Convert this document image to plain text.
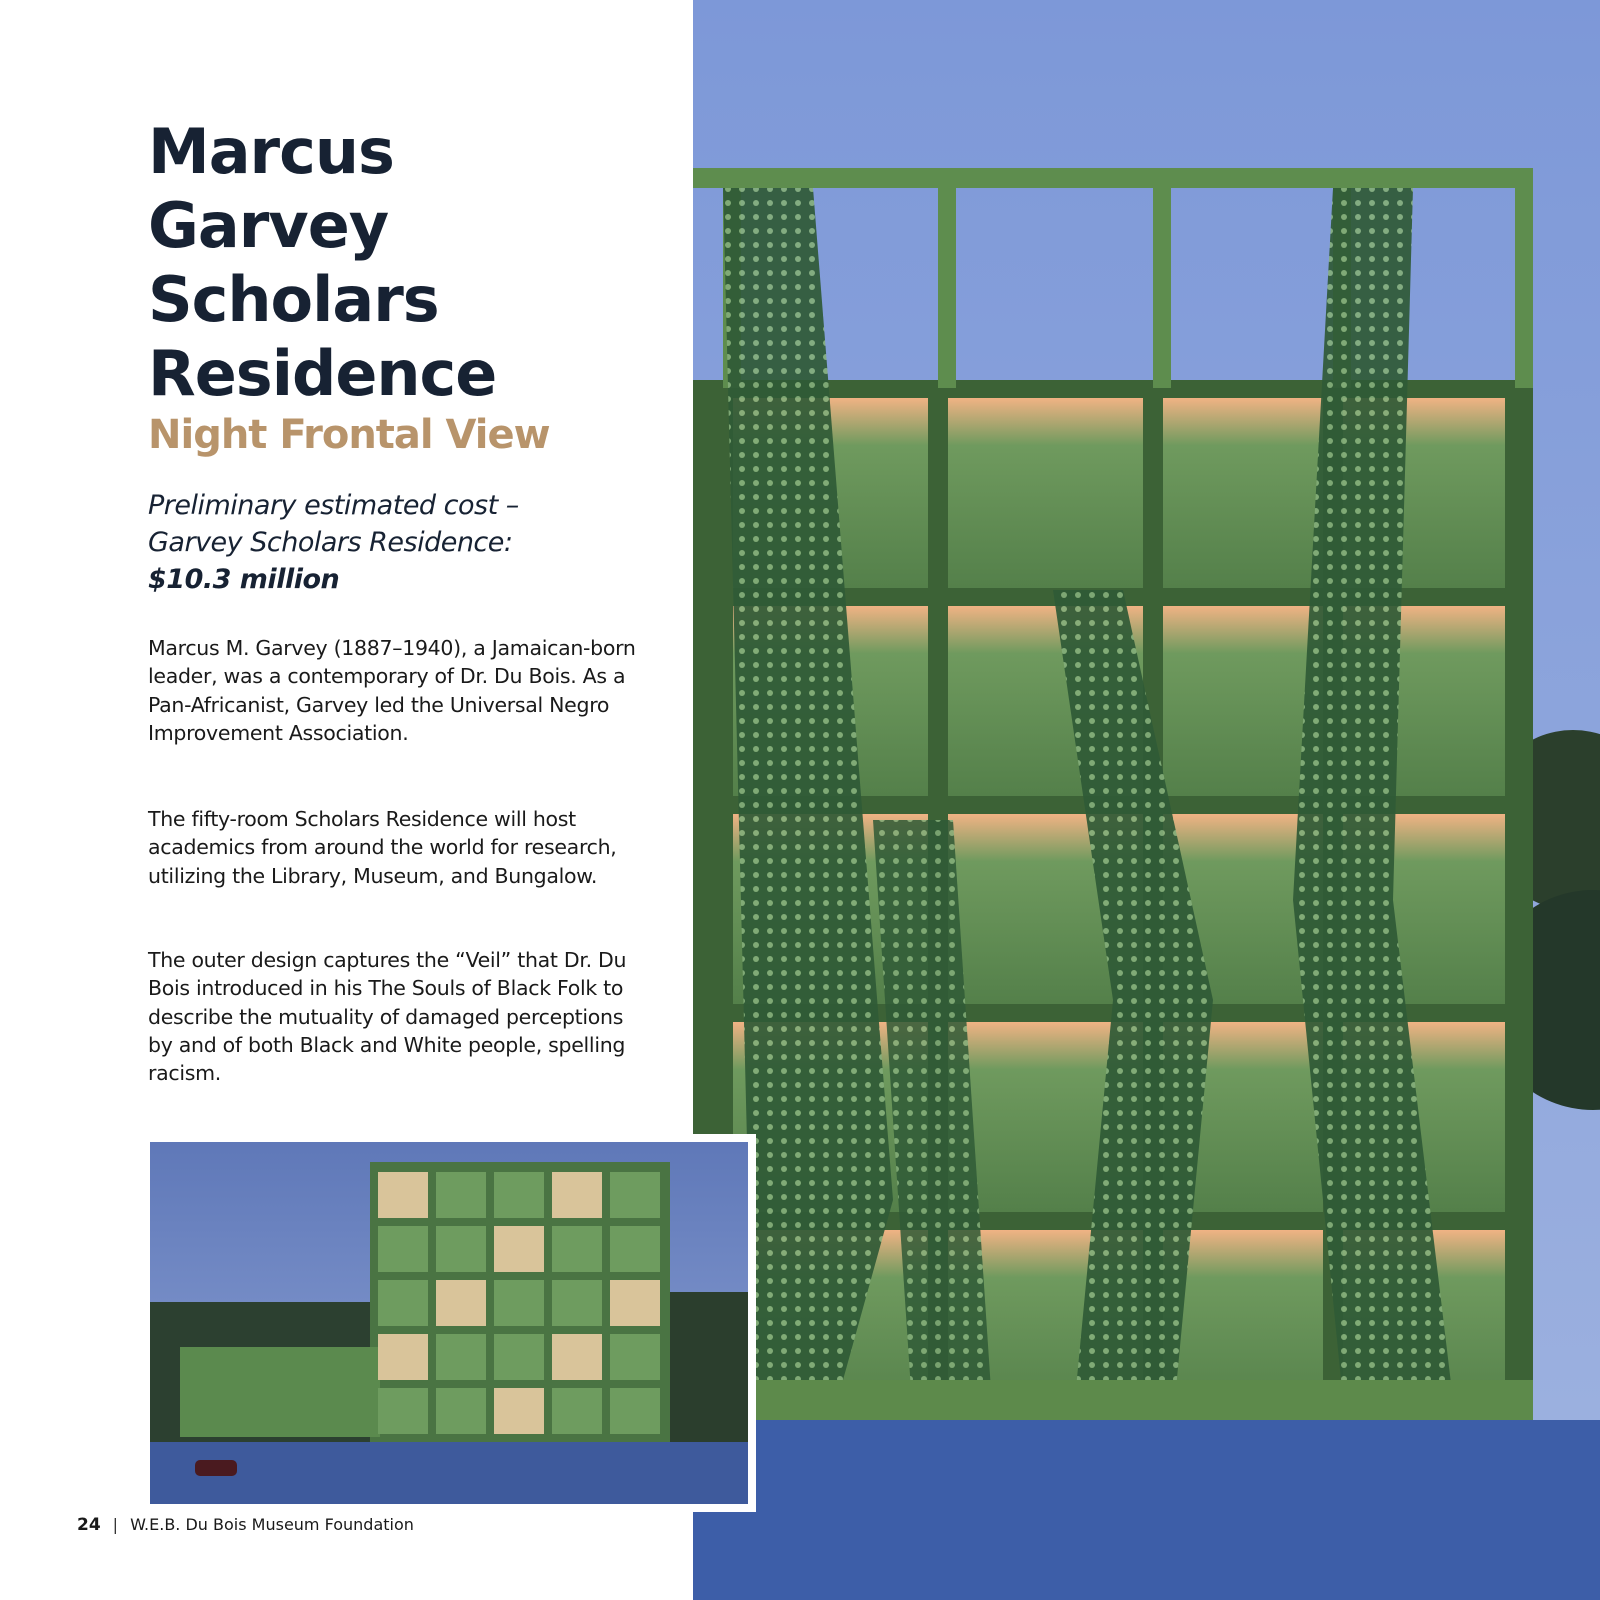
Marcus
Garvey
Scholars
Residence
Night Frontal View

Preliminary estimated cost –
Garvey Scholars Residence:
$10.3 million

Marcus M. Garvey (1887–1940), a Jamaican-born leader, was a contemporary of Dr. Du Bois. As a Pan-Africanist, Garvey led the Universal Negro Improvement Association.

The fifty-room Scholars Residence will host academics from around the world for research, utilizing the Library, Museum, and Bungalow.

The outer design captures the “Veil” that Dr. Du Bois introduced in his The Souls of Black Folk to describe the mutuality of damaged perceptions by and of both Black and White people, spelling racism.

24 | W.E.B. Du Bois Museum Foundation
